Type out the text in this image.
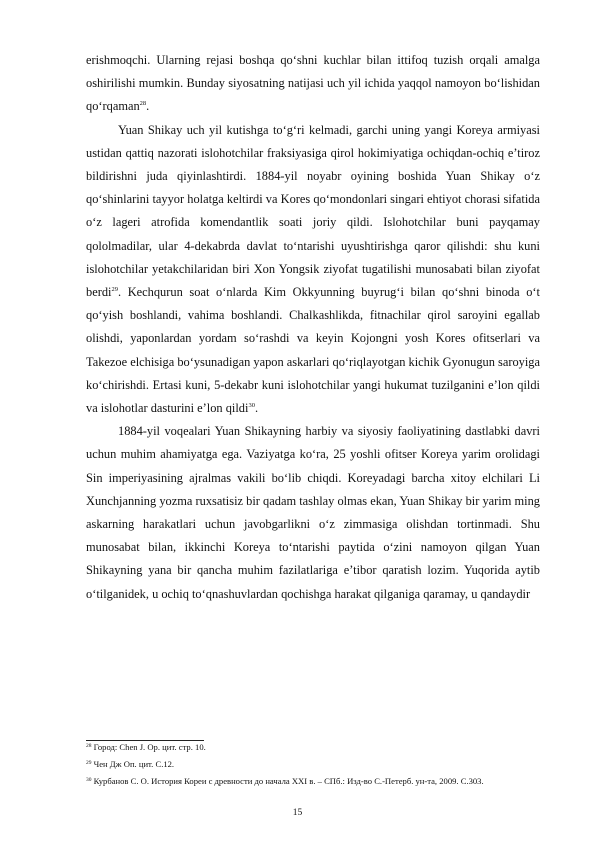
erishmoqchi. Ularning rejasi boshqa qo‘shni kuchlar bilan ittifoq tuzish orqali amalga oshirilishi mumkin. Bunday siyosatning natijasi uch yil ichida yaqqol namoyon bo‘lishidan qo‘rqaman$^{28}$.

Yuan Shikay uch yil kutishga to‘g‘ri kelmadi, garchi uning yangi Koreya armiyasi ustidan qattiq nazorati islohotchilar fraksiyasiga qirol hokimiyatiga ochiqdan-ochiq e’tiroz bildirishni juda qiyinlashtirdi. 1884-yil noyabr oyining boshida Yuan Shikay o‘z qo‘shinlarini tayyor holatga keltirdi va Kores qo‘mondonlari singari ehtiyot chorasi sifatida o‘z lageri atrofida komendantlik soati joriy qildi. Islohotchilar buni payqamay qololmadilar, ular 4-dekabrda davlat to‘ntarishi uyushtirishga qaror qilishdi: shu kuni islohotchilar yetakchilaridan biri Xon Yongsik ziyofat tugatilishi munosabati bilan ziyofat berdi$^{29}$. Kechqurun soat o‘nlarda Kim Okkyunning buyrug‘i bilan qo‘shni binoda o‘t qo‘yish boshlandi, vahima boshlandi. Chalkashlikda, fitnachilar qirol saroyini egallab olishdi, yaponlardan yordam so‘rashdi va keyin Kojongni yosh Kores ofitserlari va Takezoe elchisiga bo‘ysunadigan yapon askarlari qo‘riqlayotgan kichik Gyonugun saroyiga ko‘chirishdi. Ertasi kuni, 5-dekabr kuni islohotchilar yangi hukumat tuzilganini e’lon qildi va islohotlar dasturini e’lon qildi$^{30}$.

1884-yil voqealari Yuan Shikayning harbiy va siyosiy faoliyatining dastlabki davri uchun muhim ahamiyatga ega. Vaziyatga ko‘ra, 25 yoshli ofitser Koreya yarim orolidagi Sin imperiyasining ajralmas vakili bo‘lib chiqdi. Koreyadagi barcha xitoy elchilari Li Xunchjanning yozma ruxsatisiz bir qadam tashlay olmas ekan, Yuan Shikay bir yarim ming askarning harakatlari uchun javobgarlikni o‘z zimmasiga olishdan tortinmadi. Shu munosabat bilan, ikkinchi Koreya to‘ntarishi paytida o‘zini namoyon qilgan Yuan Shikayning yana bir qancha muhim fazilatlariga e’tibor qaratish lozim. Yuqorida aytib o‘tilganidek, u ochiq to‘qnashuvlardan qochishga harakat qilganiga qaramay, u qandaydir

$^{28}$ Город: Chen J. Op. цит. стр. 10.

$^{29}$ Чен Дж Оп. цит. С.12.

$^{30}$ Курбанов С. О. История Кореи с древности до начала XXI в. – СПб.: Изд-во С.-Петерб. ун-та, 2009. С.303.

15
